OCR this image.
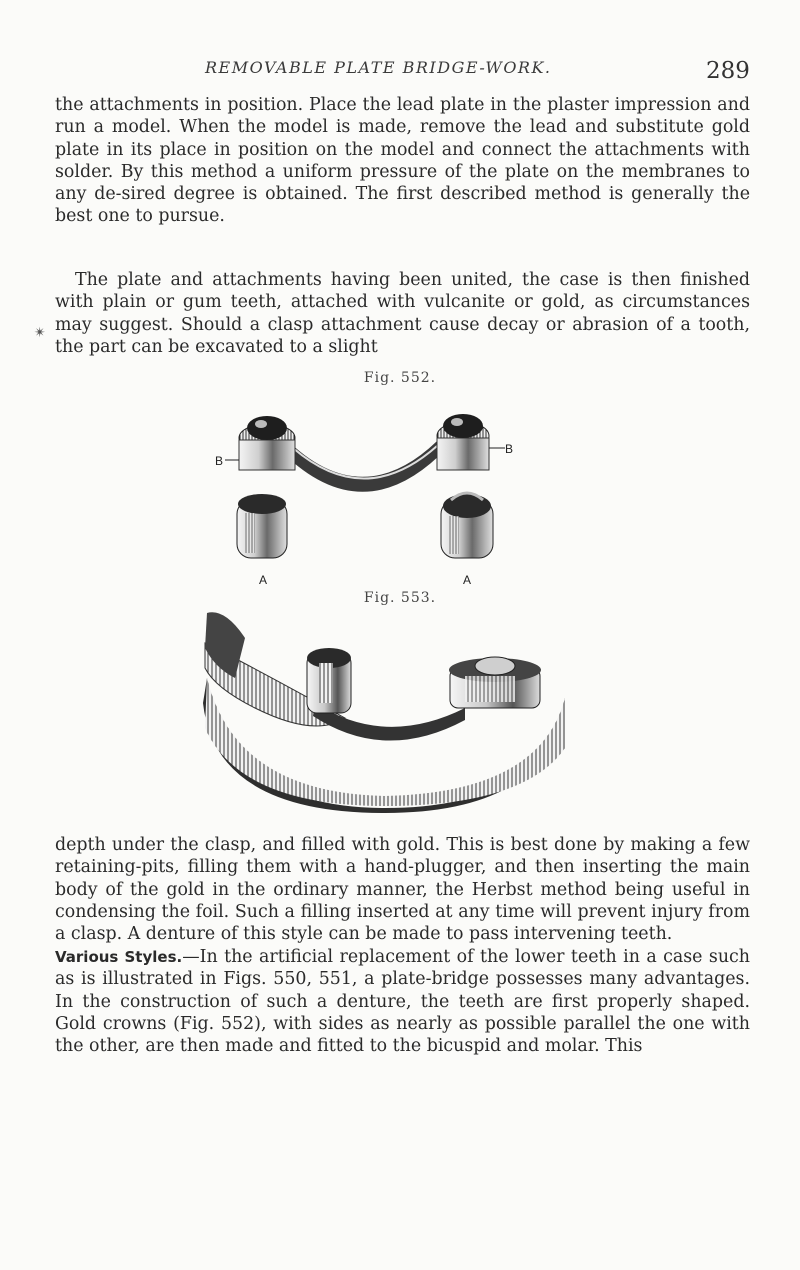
REMOVABLE PLATE BRIDGE-WORK.	289

the attachments in position. Place the lead plate in the plaster impression and run a model. When the model is made, remove the lead and substitute gold plate in its place in position on the model and connect the attachments with solder. By this method a uniform pressure of the plate on the membranes to any de-sired degree is obtained. The first described method is generally the best one to pursue.

✴

The plate and attachments having been united, the case is then finished with plain or gum teeth, attached with vulcanite or gold, as circumstances may suggest. Should a clasp attachment cause decay or abrasion of a tooth, the part can be excavated to a slight

Fig. 552.
B
B
A	A
Fig. 553.

depth under the clasp, and filled with gold. This is best done by making a few retaining-pits, filling them with a hand-plugger, and then inserting the main body of the gold in the ordinary manner, the Herbst method being useful in condensing the foil. Such a filling inserted at any time will prevent injury from a clasp. A denture of this style can be made to pass intervening teeth.

Various Styles.—In the artificial replacement of the lower teeth in a case such as is illustrated in Figs. 550, 551, a plate-bridge possesses many advantages. In the construction of such a denture, the teeth are first properly shaped. Gold crowns (Fig. 552), with sides as nearly as possible parallel the one with the other, are then made and fitted to the bicuspid and molar. This
